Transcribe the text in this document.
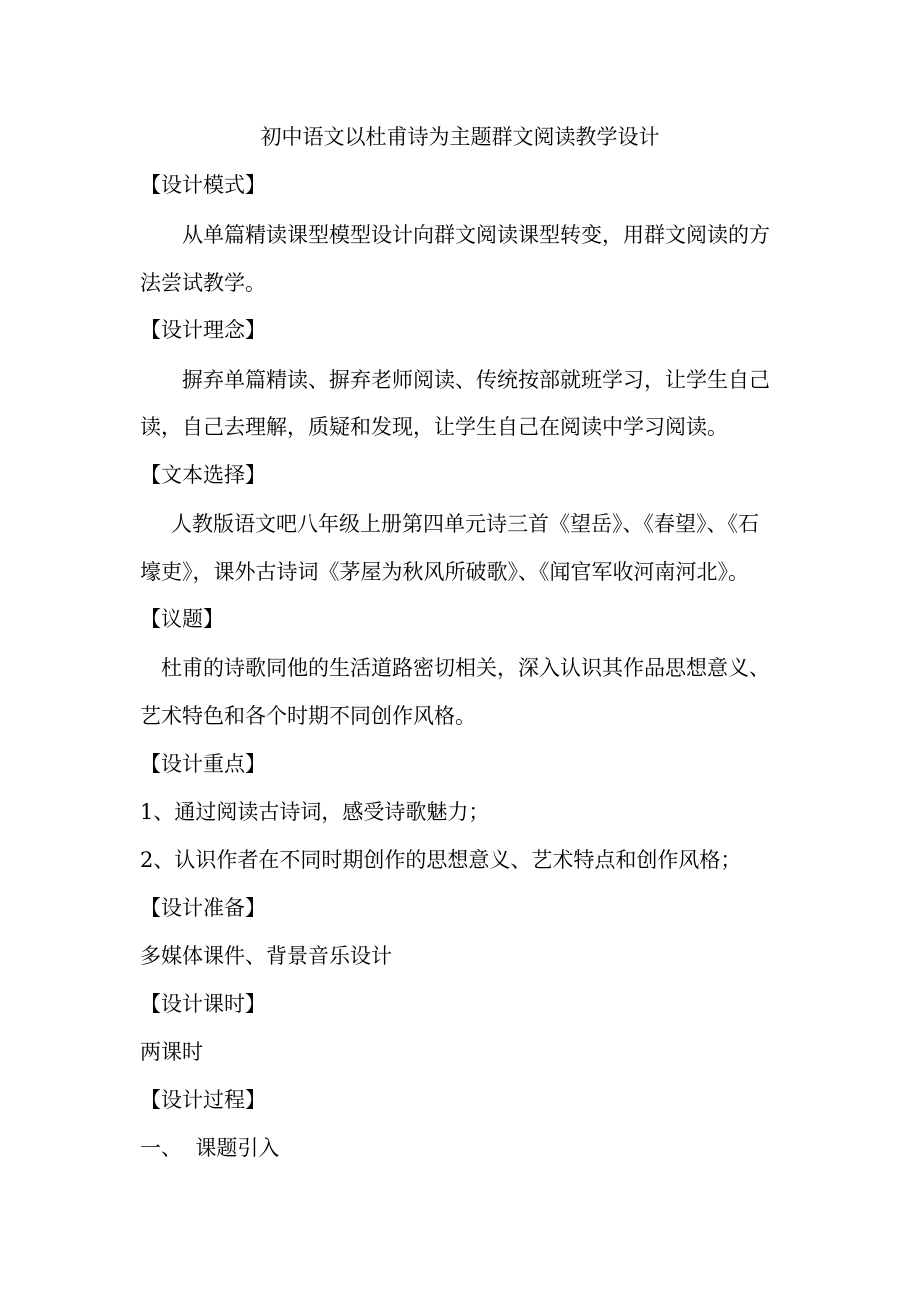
初中语文以杜甫诗为主题群文阅读教学设计
【设计模式】
从单篇精读课型模型设计向群文阅读课型转变，用群文阅读的方
法尝试教学。
【设计理念】
摒弃单篇精读、摒弃老师阅读、传统按部就班学习，让学生自己
读，自己去理解，质疑和发现，让学生自己在阅读中学习阅读。
【文本选择】
人教版语文吧八年级上册第四单元诗三首《望岳》、《春望》、《石
壕吏》，课外古诗词《茅屋为秋风所破歌》、《闻官军收河南河北》。
【议题】
杜甫的诗歌同他的生活道路密切相关，深入认识其作品思想意义、
艺术特色和各个时期不同创作风格。
【设计重点】
1、通过阅读古诗词，感受诗歌魅力；
2、认识作者在不同时期创作的思想意义、艺术特点和创作风格；
【设计准备】
多媒体课件、背景音乐设计
【设计课时】
两课时
【设计过程】
一、  课题引入
